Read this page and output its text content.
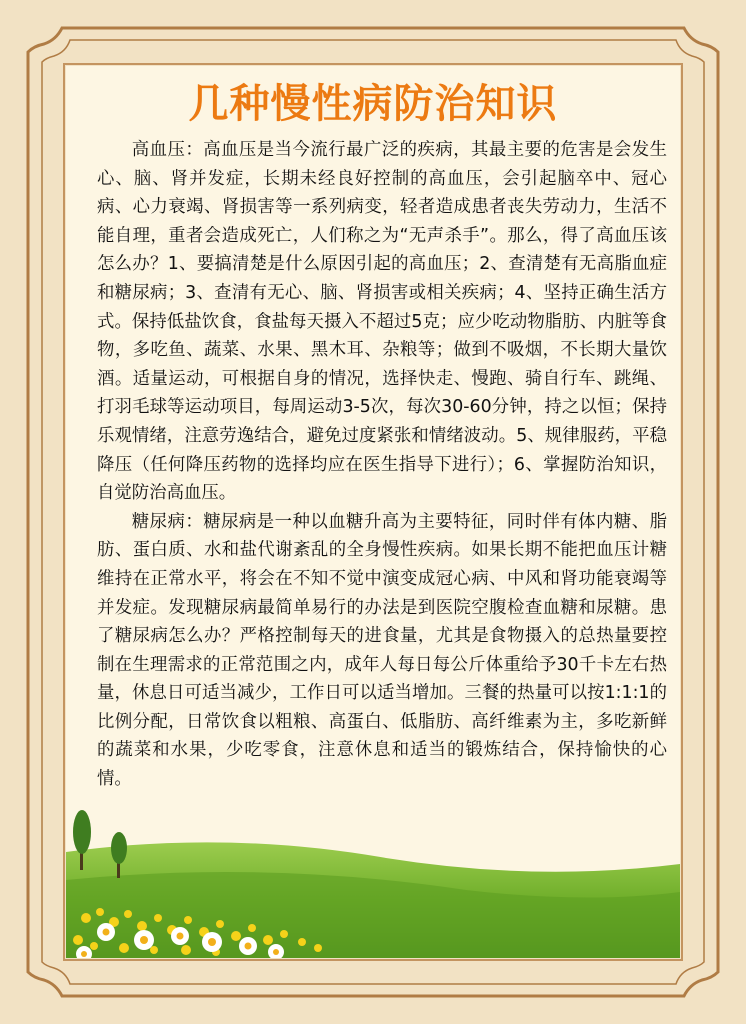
几种慢性病防治知识

高血压：高血压是当今流行最广泛的疾病，其最主要的危害是会发生心、脑、肾并发症，长期未经良好控制的高血压，会引起脑卒中、冠心病、心力衰竭、肾损害等一系列病变，轻者造成患者丧失劳动力，生活不能自理，重者会造成死亡，人们称之为“无声杀手”。那么，得了高血压该怎么办？1、要搞清楚是什么原因引起的高血压；2、查清楚有无高脂血症和糖尿病；3、查清有无心、脑、肾损害或相关疾病；4、坚持正确生活方式。保持低盐饮食，食盐每天摄入不超过5克；应少吃动物脂肪、内脏等食物，多吃鱼、蔬菜、水果、黑木耳、杂粮等；做到不吸烟，不长期大量饮酒。适量运动，可根据自身的情况，选择快走、慢跑、骑自行车、跳绳、打羽毛球等运动项目，每周运动3-5次，每次30-60分钟，持之以恒；保持乐观情绪，注意劳逸结合，避免过度紧张和情绪波动。5、规律服药，平稳降压（任何降压药物的选择均应在医生指导下进行）；6、掌握防治知识，自觉防治高血压。

糖尿病：糖尿病是一种以血糖升高为主要特征，同时伴有体内糖、脂肪、蛋白质、水和盐代谢紊乱的全身慢性疾病。如果长期不能把血压计糖维持在正常水平，将会在不知不觉中演变成冠心病、中风和肾功能衰竭等并发症。发现糖尿病最简单易行的办法是到医院空腹检查血糖和尿糖。患了糖尿病怎么办？严格控制每天的进食量，尤其是食物摄入的总热量要控制在生理需求的正常范围之内，成年人每日每公斤体重给予30千卡左右热量，休息日可适当减少，工作日可以适当增加。三餐的热量可以按1:1:1的比例分配，日常饮食以粗粮、高蛋白、低脂肪、高纤维素为主，多吃新鲜的蔬菜和水果，少吃零食，注意休息和适当的锻炼结合，保持愉快的心情。
